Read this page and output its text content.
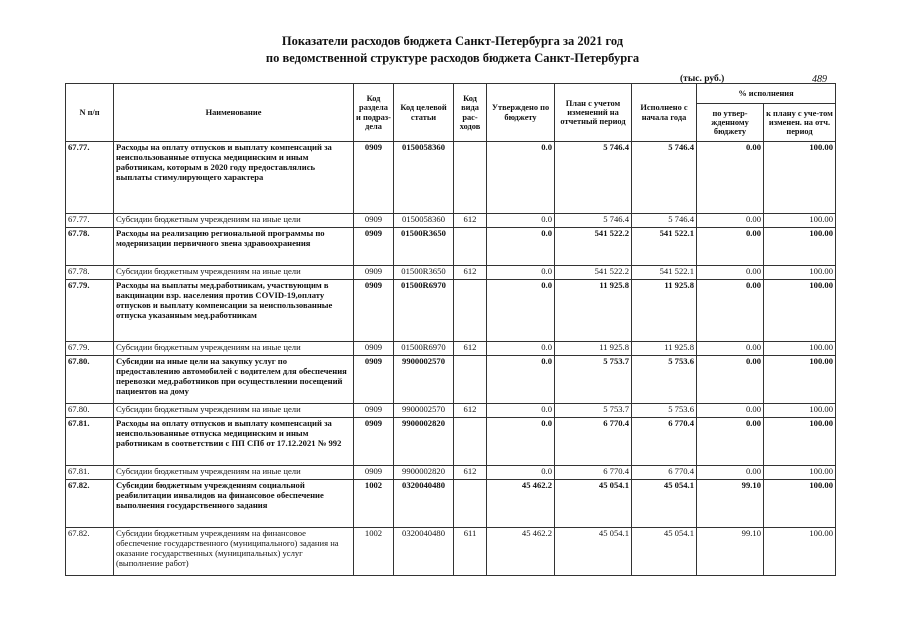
Показатели расходов бюджета Санкт-Петербурга за 2021 год
по ведомственной структуре расходов бюджета Санкт-Петербурга
(тыс. руб.)	489
N п/п	Наименование	Код раздела и подраз-дела	Код целевой статьи	Код вида рас-ходов	Утверждено по бюджету	План с учетом изменений на отчетный период	Исполнено с начала года	% исполнения	
								по утвер-жденному бюджету	к плану с уче-том изменен. на отч. период
67.77.	Расходы на оплату отпусков и выплату компенсаций за неиспользованные отпуска медицинским и иным работникам, которым в 2020 году предоставлялись выплаты стимулирующего характера	0909	0150058360		0.0	5 746.4	5 746.4	0.00	100.00
67.77.	Субсидии бюджетным учреждениям на иные цели	0909	0150058360	612	0.0	5 746.4	5 746.4	0.00	100.00
67.78.	Расходы на реализацию региональной программы по модернизации первичного звена здравоохранения	0909	01500R3650		0.0	541 522.2	541 522.1	0.00	100.00
67.78.	Субсидии бюджетным учреждениям на иные цели	0909	01500R3650	612	0.0	541 522.2	541 522.1	0.00	100.00
67.79.	Расходы на выплаты мед.работникам, участвующим в вакцинации взр. населения против COVID-19,оплату отпусков и выплату компенсации за неиспользованные отпуска указанным мед.работникам	0909	01500R6970		0.0	11 925.8	11 925.8	0.00	100.00
67.79.	Субсидии бюджетным учреждениям на иные цели	0909	01500R6970	612	0.0	11 925.8	11 925.8	0.00	100.00
67.80.	Субсидии на иные цели на закупку услуг по предоставлению автомобилей с водителем для обеспечения перевозки мед.работников при осуществлении посещений пациентов на дому	0909	9900002570		0.0	5 753.7	5 753.6	0.00	100.00
67.80.	Субсидии бюджетным учреждениям на иные цели	0909	9900002570	612	0.0	5 753.7	5 753.6	0.00	100.00
67.81.	Расходы на оплату отпусков и выплату компенсаций за неиспользованные отпуска медицинским и иным работникам в соответствии с ПП СПб от 17.12.2021 № 992	0909	9900002820		0.0	6 770.4	6 770.4	0.00	100.00
67.81.	Субсидии бюджетным учреждениям на иные цели	0909	9900002820	612	0.0	6 770.4	6 770.4	0.00	100.00
67.82.	Субсидии бюджетным учреждениям социальной реабилитации инвалидов на финансовое обеспечение выполнения государственного задания	1002	0320040480		45 462.2	45 054.1	45 054.1	99.10	100.00
67.82.	Субсидии бюджетным учреждениям на финансовое обеспечение государственного (муниципального) задания на оказание государственных (муниципальных) услуг (выполнение работ)	1002	0320040480	611	45 462.2	45 054.1	45 054.1	99.10	100.00
